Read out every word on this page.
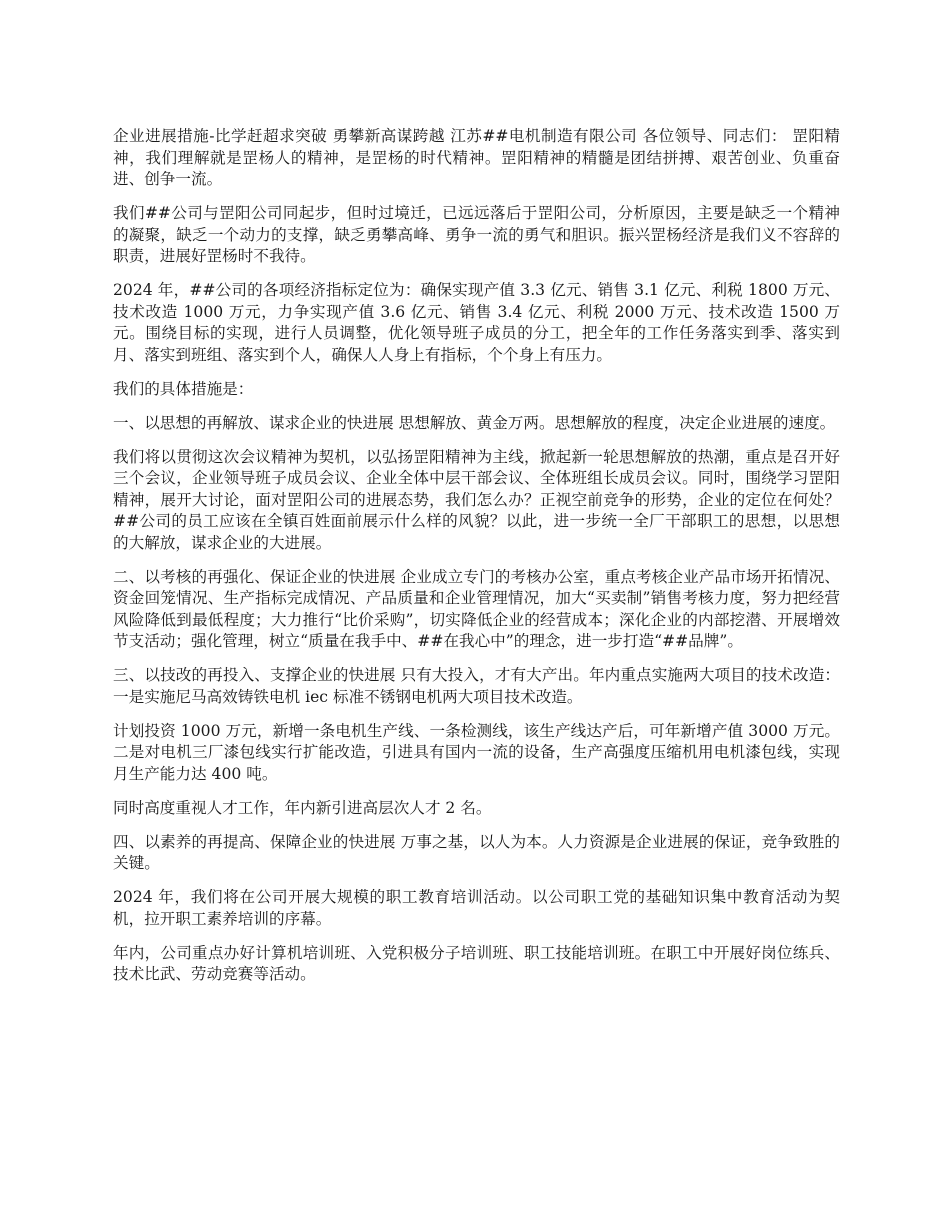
企业进展措施-比学赶超求突破 勇攀新高谋跨越 江苏##电机制造有限公司 各位领导、同志们： 罡阳精神，我们理解就是罡杨人的精神，是罡杨的时代精神。罡阳精神的精髓是团结拼搏、艰苦创业、负重奋进、创争一流。

我们##公司与罡阳公司同起步，但时过境迁，已远远落后于罡阳公司，分析原因，主要是缺乏一个精神的凝聚，缺乏一个动力的支撑，缺乏勇攀高峰、勇争一流的勇气和胆识。振兴罡杨经济是我们义不容辞的职责，进展好罡杨时不我待。

2024 年，##公司的各项经济指标定位为：确保实现产值 3.3 亿元、销售 3.1 亿元、利税 1800 万元、技术改造 1000 万元，力争实现产值 3.6 亿元、销售 3.4 亿元、利税 2000 万元、技术改造 1500 万元。围绕目标的实现，进行人员调整，优化领导班子成员的分工，把全年的工作任务落实到季、落实到月、落实到班组、落实到个人，确保人人身上有指标，个个身上有压力。

我们的具体措施是：

一、以思想的再解放、谋求企业的快进展 思想解放、黄金万两。思想解放的程度，决定企业进展的速度。

我们将以贯彻这次会议精神为契机，以弘扬罡阳精神为主线，掀起新一轮思想解放的热潮，重点是召开好三个会议，企业领导班子成员会议、企业全体中层干部会议、全体班组长成员会议。同时，围绕学习罡阳精神，展开大讨论，面对罡阳公司的进展态势，我们怎么办？正视空前竞争的形势，企业的定位在何处？##公司的员工应该在全镇百姓面前展示什么样的风貌？以此，进一步统一全厂干部职工的思想，以思想的大解放，谋求企业的大进展。

二、以考核的再强化、保证企业的快进展 企业成立专门的考核办公室，重点考核企业产品市场开拓情况、资金回笼情况、生产指标完成情况、产品质量和企业管理情况，加大“买卖制”销售考核力度，努力把经营风险降低到最低程度；大力推行“比价采购”，切实降低企业的经营成本；深化企业的内部挖潜、开展增效节支活动；强化管理，树立“质量在我手中、##在我心中”的理念，进一步打造“##品牌”。

三、以技改的再投入、支撑企业的快进展 只有大投入，才有大产出。年内重点实施两大项目的技术改造：一是实施尼马高效铸铁电机 iec 标准不锈钢电机两大项目技术改造。

计划投资 1000 万元，新增一条电机生产线、一条检测线，该生产线达产后，可年新增产值 3000 万元。二是对电机三厂漆包线实行扩能改造，引进具有国内一流的设备，生产高强度压缩机用电机漆包线，实现月生产能力达 400 吨。

同时高度重视人才工作，年内新引进高层次人才 2 名。

四、以素养的再提高、保障企业的快进展 万事之基，以人为本。人力资源是企业进展的保证，竞争致胜的关键。

2024 年，我们将在公司开展大规模的职工教育培训活动。以公司职工党的基础知识集中教育活动为契机，拉开职工素养培训的序幕。

年内，公司重点办好计算机培训班、入党积极分子培训班、职工技能培训班。在职工中开展好岗位练兵、技术比武、劳动竞赛等活动。
